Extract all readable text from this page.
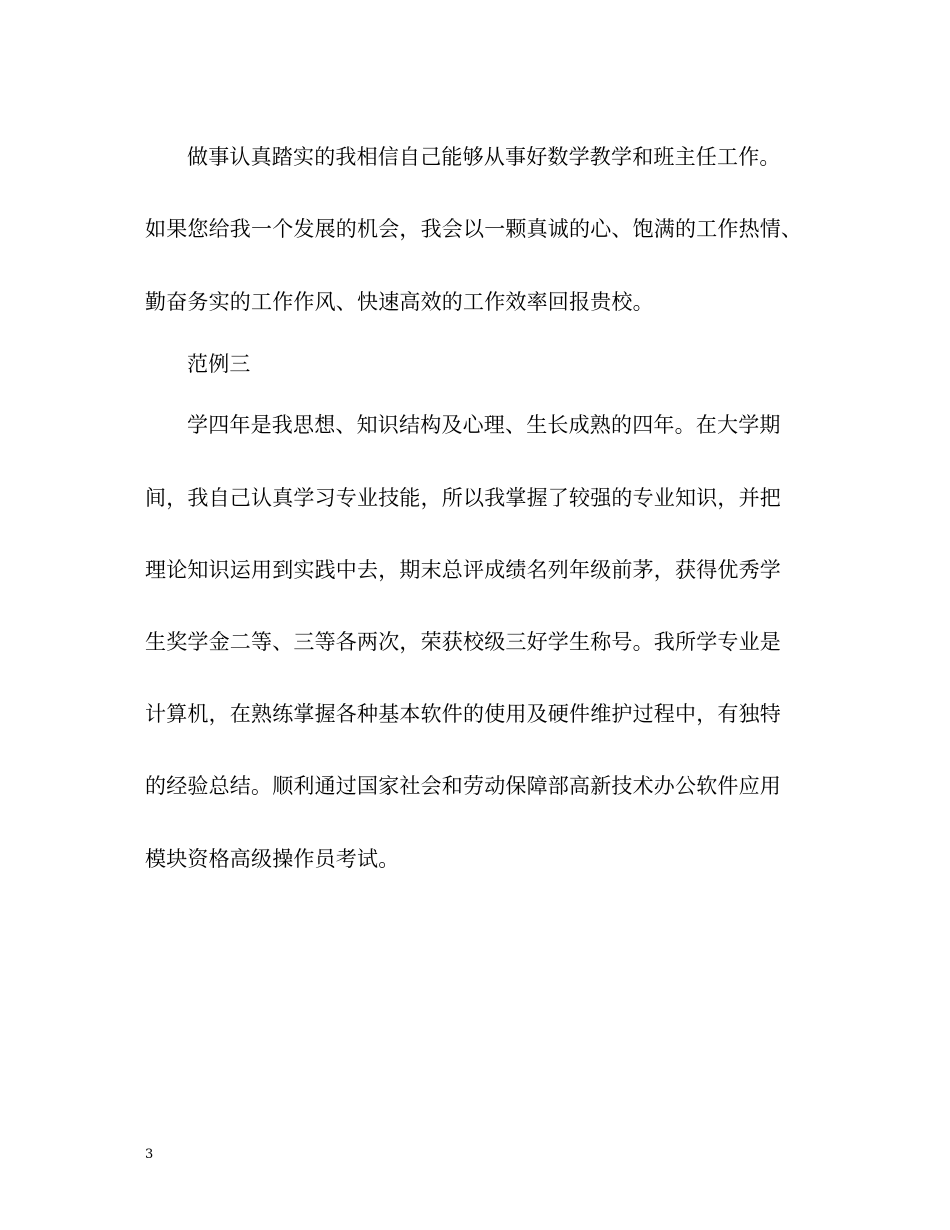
做事认真踏实的我相信自己能够从事好数学教学和班主任工作。
如果您给我一个发展的机会，我会以一颗真诚的心、饱满的工作热情、
勤奋务实的工作作风、快速高效的工作效率回报贵校。
范例三
学四年是我思想、知识结构及心理、生长成熟的四年。在大学期
间，我自己认真学习专业技能，所以我掌握了较强的专业知识，并把
理论知识运用到实践中去，期末总评成绩名列年级前茅，获得优秀学
生奖学金二等、三等各两次，荣获校级三好学生称号。我所学专业是
计算机，在熟练掌握各种基本软件的使用及硬件维护过程中，有独特
的经验总结。顺利通过国家社会和劳动保障部高新技术办公软件应用
模块资格高级操作员考试。
3
